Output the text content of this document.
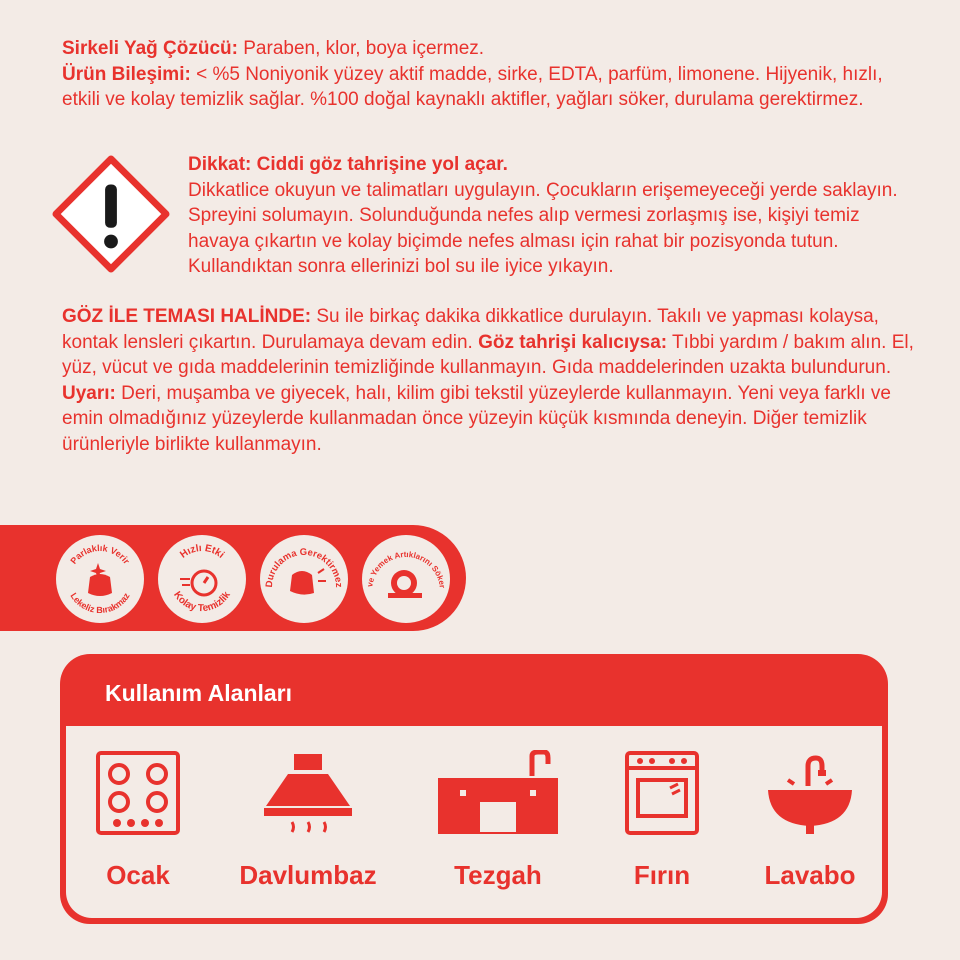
Sirkeli Yağ Çözücü: Paraben, klor, boya içermez.
Ürün Bileşimi: < %5 Noniyonik yüzey aktif madde, sirke, EDTA, parfüm, limonene. Hijyenik, hızlı, etkili ve kolay temizlik sağlar. %100 doğal kaynaklı aktifler, yağları söker, durulama gerektirmez.
Dikkat: Ciddi göz tahrişine yol açar.
Dikkatlice okuyun ve talimatları uygulayın. Çocukların erişemeyeceği yerde saklayın. Spreyini solumayın. Solunduğunda nefes alıp vermesi zorlaşmış ise, kişiyi temiz havaya çıkartın ve kolay biçimde nefes alması için rahat bir pozisyonda tutun. Kullandıktan sonra ellerinizi bol su ile iyice yıkayın.
GÖZ İLE TEMASI HALİNDE: Su ile birkaç dakika dikkatlice durulayın. Takılı ve yapması kolaysa, kontak lensleri çıkartın. Durulamaya devam edin. Göz tahrişi kalıcıysa: Tıbbi yardım / bakım alın. El, yüz, vücut ve gıda maddelerinin temizliğinde kullanmayın. Gıda maddelerinden uzakta bulundurun.
Uyarı: Deri, muşamba ve giyecek, halı, kilim gibi tekstil yüzeylerde kullanmayın. Yeni veya farklı ve emin olmadığınız yüzeylerde kullanmadan önce yüzeyin küçük kısmında deneyin. Diğer temizlik ürünleriyle birlikte kullanmayın.
Parlaklık Verir
Lekeliz Bırakmaz
Hızlı Etki
Kolay Temizlik
Durulama Gerektirmez	ve Yemek Artıklarını Söker
Kullanım Alanları
Ocak	Davlumbaz	Tezgah	Fırın	Lavabo
